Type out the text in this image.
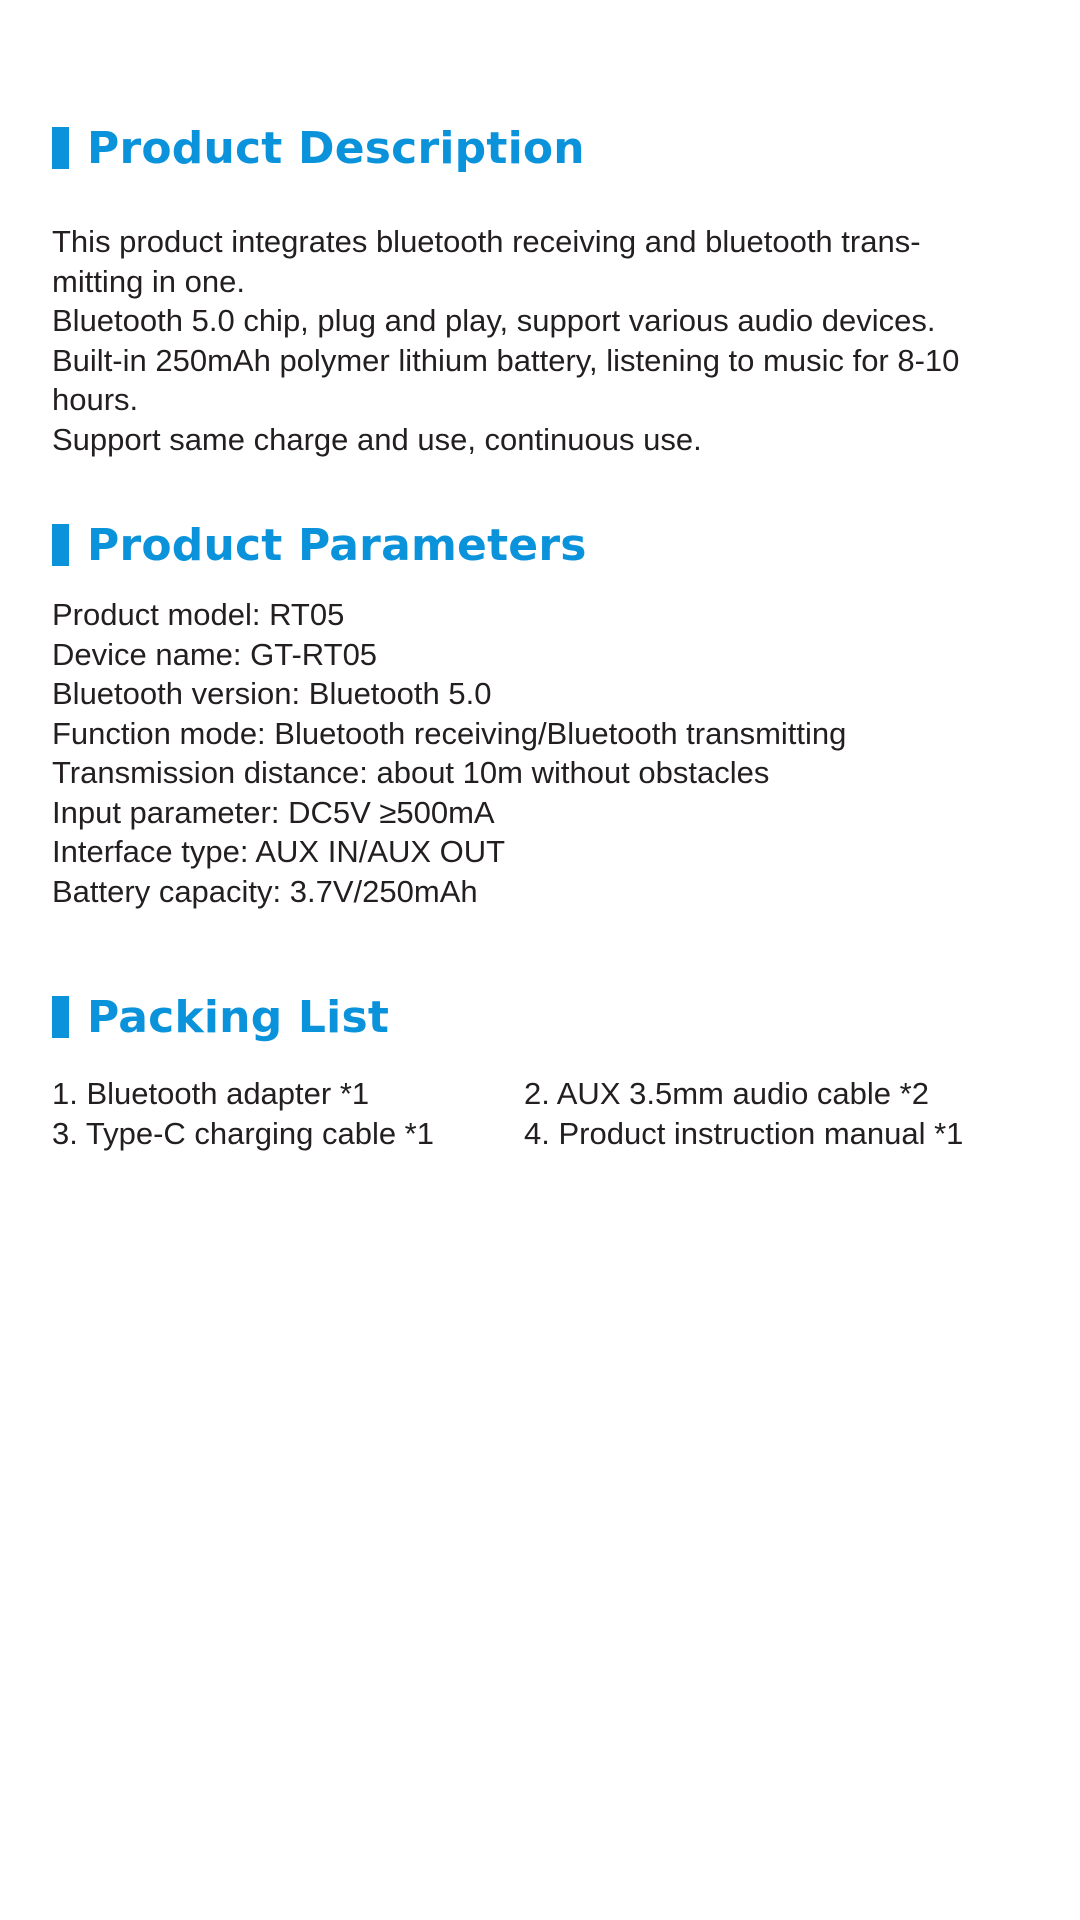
Product Description
This product integrates bluetooth receiving and bluetooth trans-
mitting in one.
Bluetooth 5.0 chip, plug and play, support various audio devices.
Built-in 250mAh polymer lithium battery, listening to music for 8-10
hours.
Support same charge and use, continuous use.
Product Parameters
Product model: RT05
Device name: GT-RT05
Bluetooth version: Bluetooth 5.0
Function mode: Bluetooth receiving/Bluetooth transmitting
Transmission distance: about 10m without obstacles
Input parameter: DC5V ≥500mA
Interface type: AUX IN/AUX OUT
Battery capacity: 3.7V/250mAh
Packing List
1. Bluetooth adapter *1	2. AUX 3.5mm audio cable *2
3. Type-C charging cable *1	4. Product instruction manual *1
